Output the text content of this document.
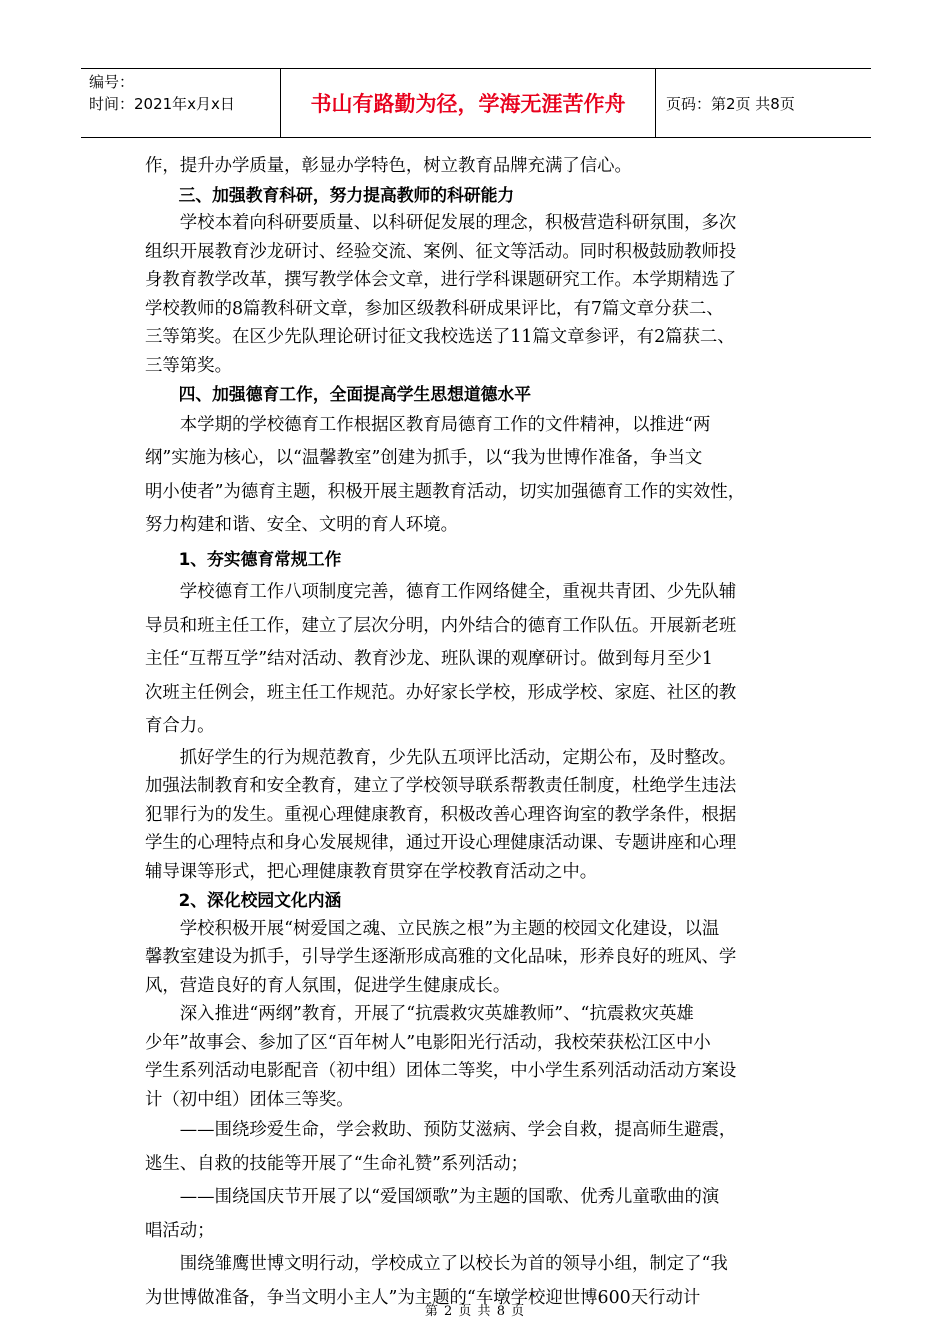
编号：
时间：2021年x月x日	书山有路勤为径，学海无涯苦作舟	页码：第2页 共8页

作，提升办学质量，彰显办学特色，树立教育品牌充满了信心。

　　三、加强教育科研，努力提高教师的科研能力

　　学校本着向科研要质量、以科研促发展的理念，积极营造科研氛围，多次

组织开展教育沙龙研讨、经验交流、案例、征文等活动。同时积极鼓励教师投

身教育教学改革，撰写教学体会文章，进行学科课题研究工作。本学期精选了

学校教师的8篇教科研文章，参加区级教科研成果评比，有7篇文章分获二、

三等第奖。在区少先队理论研讨征文我校选送了11篇文章参评，有2篇获二、

三等第奖。

　　四、加强德育工作，全面提高学生思想道德水平

　　本学期的学校德育工作根据区教育局德育工作的文件精神，以推进“两

纲”实施为核心，以“温馨教室”创建为抓手，以“我为世博作准备，争当文

明小使者”为德育主题，积极开展主题教育活动，切实加强德育工作的实效性，

努力构建和谐、安全、文明的育人环境。

　　1、夯实德育常规工作

　　学校德育工作八项制度完善，德育工作网络健全，重视共青团、少先队辅

导员和班主任工作，建立了层次分明，内外结合的德育工作队伍。开展新老班

主任“互帮互学”结对活动、教育沙龙、班队课的观摩研讨。做到每月至少1

次班主任例会，班主任工作规范。办好家长学校，形成学校、家庭、社区的教

育合力。

　　抓好学生的行为规范教育，少先队五项评比活动，定期公布，及时整改。

加强法制教育和安全教育，建立了学校领导联系帮教责任制度，杜绝学生违法

犯罪行为的发生。重视心理健康教育，积极改善心理咨询室的教学条件，根据

学生的心理特点和身心发展规律，通过开设心理健康活动课、专题讲座和心理

辅导课等形式，把心理健康教育贯穿在学校教育活动之中。

　　2、深化校园文化内涵

　　学校积极开展“树爱国之魂、立民族之根”为主题的校园文化建设，以温

馨教室建设为抓手，引导学生逐渐形成高雅的文化品味，形养良好的班风、学

风，营造良好的育人氛围，促进学生健康成长。

　　深入推进“两纲”教育，开展了“抗震救灾英雄教师”、“抗震救灾英雄

少年”故事会、参加了区“百年树人”电影阳光行活动，我校荣获松江区中小

学生系列活动电影配音（初中组）团体二等奖，中小学生系列活动活动方案设

计（初中组）团体三等奖。

　　——围绕珍爱生命，学会救助、预防艾滋病、学会自救，提高师生避震，

逃生、自救的技能等开展了“生命礼赞”系列活动；

　　——围绕国庆节开展了以“爱国颂歌”为主题的国歌、优秀儿童歌曲的演

唱活动；

　　围绕雏鹰世博文明行动，学校成立了以校长为首的领导小组，制定了“我

为世博做准备，争当文明小主人”为主题的“车墩学校迎世博600天行动计

第 2 页 共 8 页
